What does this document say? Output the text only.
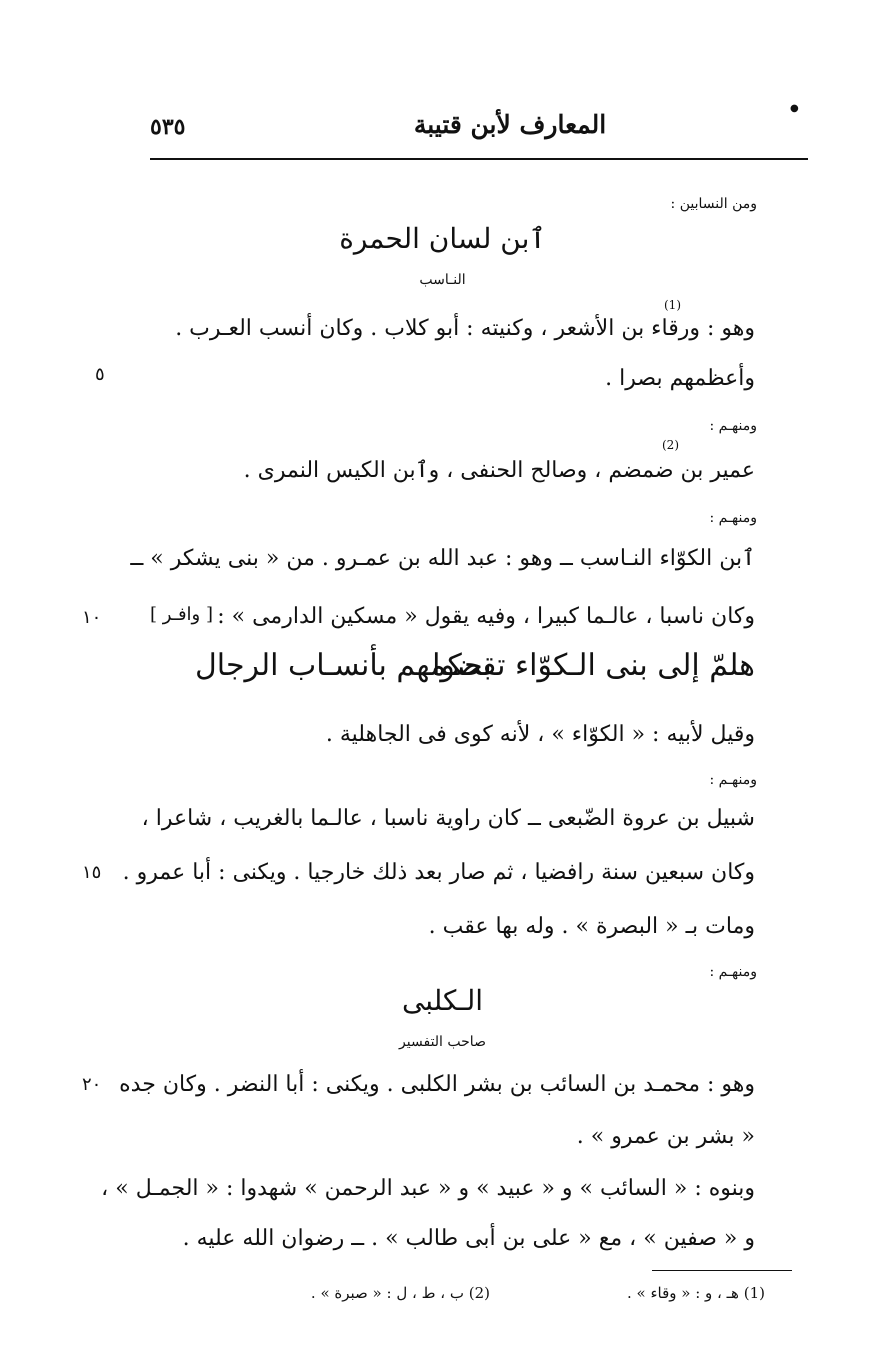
●
٥٣٥	المعارف لأبن قتيبة
ومن النسابين :
ٱبن لسان الحمرة
النـاسب
(1)
وهو : ورقاء بن الأشعر ، وكنيته : أبو كلاب . وكان أنسب العـرب .
٥	وأعظمهم بصرا .
ومنهـم :
(2)
عمير بن ضمضم ، وصالح الحنفى ، وٱبن الكيس النمرى .
ومنهـم :
ٱبن الكوّاء النـاسب ــ وهو : عبد الله بن عمـرو . من « بنى يشكر » ــ
١٠	[ وافـر ] وكان ناسبا ، عالـما كبيرا ، وفيه يقول « مسكين الدارمى » :
هلمّ إلى بنى الـكوّاء تقضوا
بحكمهم بأنسـاب الرجال
وقيل لأبيه : « الكوّاء » ، لأنه كوى فى الجاهلية .
ومنهـم :
شبيل بن عروة الضّبعى ــ كان راوية ناسبا ، عالـما بالغريب ، شاعرا ،
١٥ وكان سبعين سنة رافضيا ، ثم صار بعد ذلك خارجيا . ويكنى : أبا عمرو .
ومات بـ « البصرة » . وله بها عقب .
ومنهـم :
الـكلبى
صاحب التفسير
٢٠ وهو : محمـد بن السائب بن بشر الكلبى . ويكنى : أبا النضر . وكان جده
« بشر بن عمرو » .
وبنوه : « السائب » و « عبيد » و « عبد الرحمن » شهدوا : « الجمـل » ،
و « صفين » ، مع « على بن أبى طالب » . ــ رضوان الله عليه .
(1) هـ ، و : « وقاء » .
(2) ب ، ط ، ل : « صبرة » .
